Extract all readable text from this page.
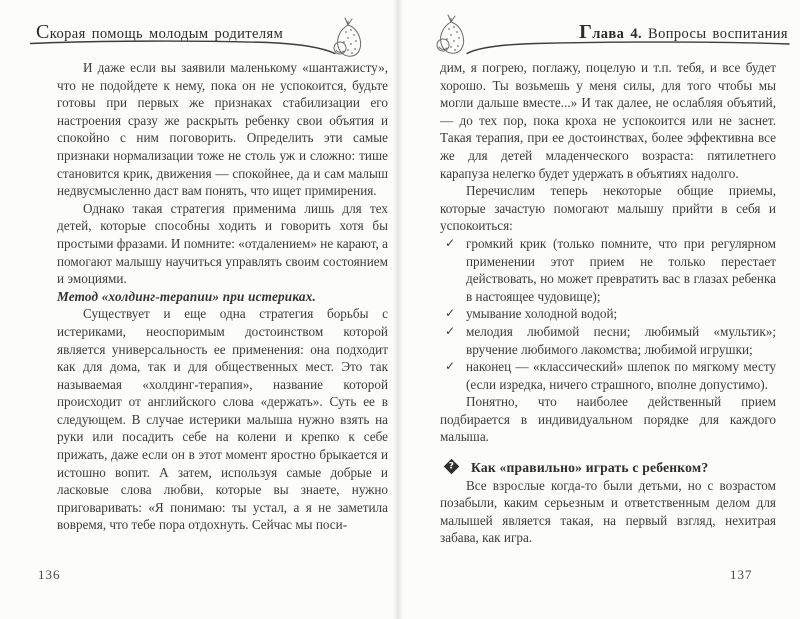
Скорая помощь молодым родителям

И даже если вы заявили маленькому «шантажисту», что не подойдете к нему, пока он не успокоится, будьте готовы при первых же признаках стабилизации его настроения сразу же раскрыть ребенку свои объятия и спокойно с ним поговорить. Определить эти самые признаки нормализации тоже не столь уж и сложно: тише становится крик, движения — спокойнее, да и сам малыш недвусмысленно даст вам понять, что ищет примирения.

Однако такая стратегия применима лишь для тех детей, которые способны ходить и говорить хотя бы простыми фразами. И помните: «отдалением» не карают, а помогают малышу научиться управлять своим состоянием и эмоциями.

Метод «холдинг-терапии» при истериках.

Существует и еще одна стратегия борьбы с истериками, неоспоримым достоинством которой является универсальность ее применения: она подходит как для дома, так и для общественных мест. Это так называемая «холдинг-терапия», название которой происходит от английского слова «держать». Суть ее в следующем. В случае истерики малыша нужно взять на руки или посадить себе на колени и крепко к себе прижать, даже если он в этот момент яростно брыкается и истошно вопит. А затем, используя самые добрые и ласковые слова любви, которые вы знаете, нужно приговаривать: «Я понимаю: ты устал, а я не заметила вовремя, что тебе пора отдохнуть. Сейчас мы поси-

136
Глава 4. Вопросы воспитания

дим, я погрею, поглажу, поцелую и т.п. тебя, и все будет хорошо. Ты возьмешь у меня силы, для того чтобы мы могли дальше вместе...» И так далее, не ослабляя объятий, — до тех пор, пока кроха не успокоится или не заснет. Такая терапия, при ее достоинствах, более эффективна все же для детей младенческого возраста: пятилетнего карапуза нелегко будет удержать в объятиях надолго.

Перечислим теперь некоторые общие приемы, которые зачастую помогают малышу прийти в себя и успокоиться:

✓ громкий крик (только помните, что при регулярном применении этот прием не только перестает действовать, но может превратить вас в глазах ребенка в настоящее чудовище);
✓ умывание холодной водой;
✓ мелодия любимой песни; любимый «мультик»; вручение любимого лакомства; любимой игрушки;
✓ наконец — «классический» шлепок по мягкому месту (если изредка, ничего страшного, вполне допустимо).

Понятно, что наиболее действенный прием подбирается в индивидуальном порядке для каждого малыша.

? Как «правильно» играть с ребенком?

Все взрослые когда-то были детьми, но с возрастом позабыли, каким серьезным и ответственным делом для малышей является такая, на первый взгляд, нехитрая забава, как игра.

137
